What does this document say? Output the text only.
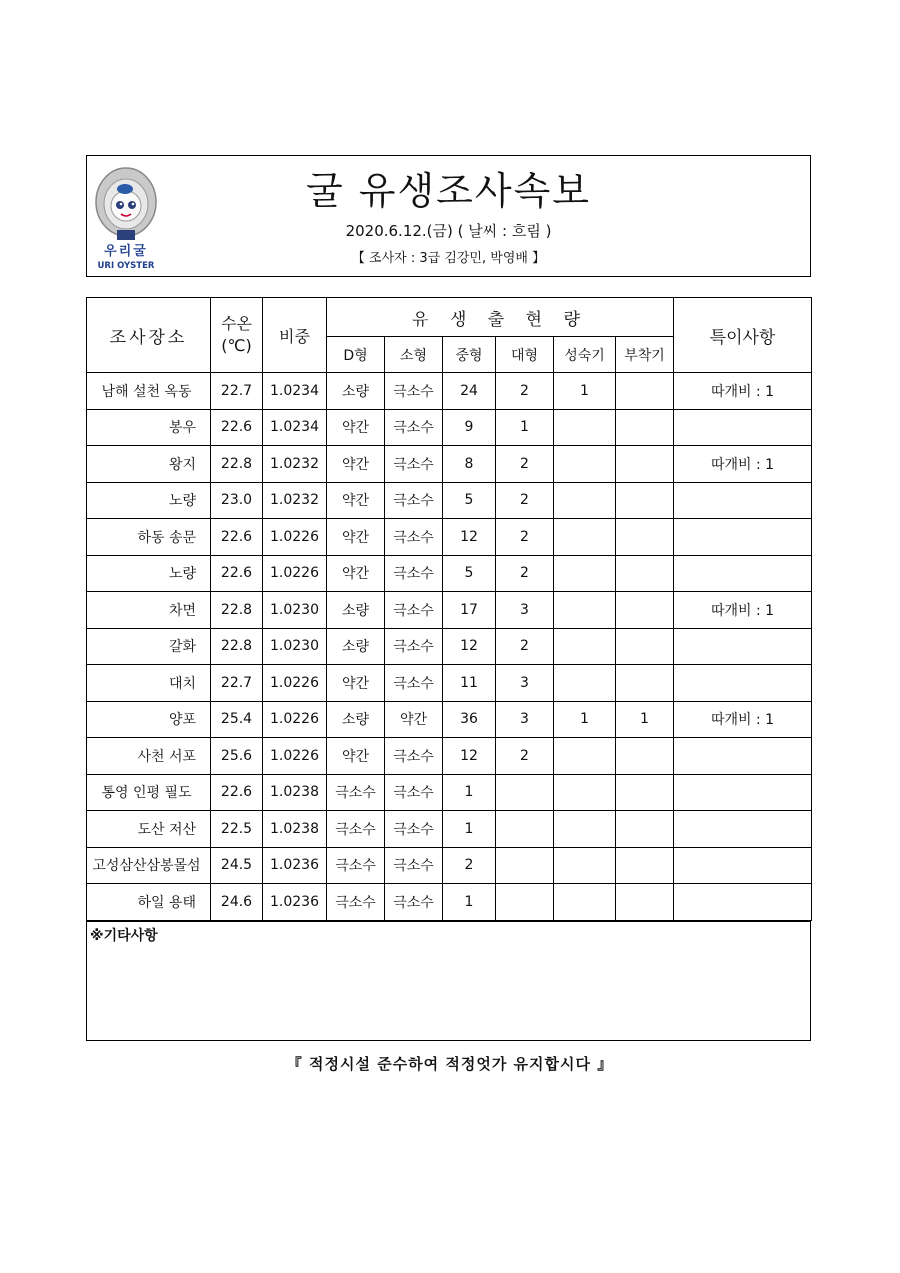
우리굴
URI OYSTER
굴 유생조사속보
2020.6.12.(금) ( 날씨 : 흐림 )
【 조사자 : 3급 김강민, 박영배 】
조사장소	수온
(℃)	비중	유 생 출 현 량						특이사항
			D형	소형	중형	대형	성숙기	부착기	
남해 설천 옥동	22.7	1.0234	소량	극소수	24	2	1		따개비 : 1
봉우	22.6	1.0234	약간	극소수	9	1			
왕지	22.8	1.0232	약간	극소수	8	2			따개비 : 1
노량	23.0	1.0232	약간	극소수	5	2			
하동 송문	22.6	1.0226	약간	극소수	12	2			
노량	22.6	1.0226	약간	극소수	5	2			
차면	22.8	1.0230	소량	극소수	17	3			따개비 : 1
갈화	22.8	1.0230	소량	극소수	12	2			
대치	22.7	1.0226	약간	극소수	11	3			
양포	25.4	1.0226	소량	약간	36	3	1	1	따개비 : 1
사천 서포	25.6	1.0226	약간	극소수	12	2			
통영 인평 필도	22.6	1.0238	극소수	극소수	1				
도산 저산	22.5	1.0238	극소수	극소수	1				
고성삼산삼봉몰섬	24.5	1.0236	극소수	극소수	2				
하일 용태	24.6	1.0236	극소수	극소수	1				
※기타사항
『 적정시설 준수하여 적정엇가 유지합시다 』
